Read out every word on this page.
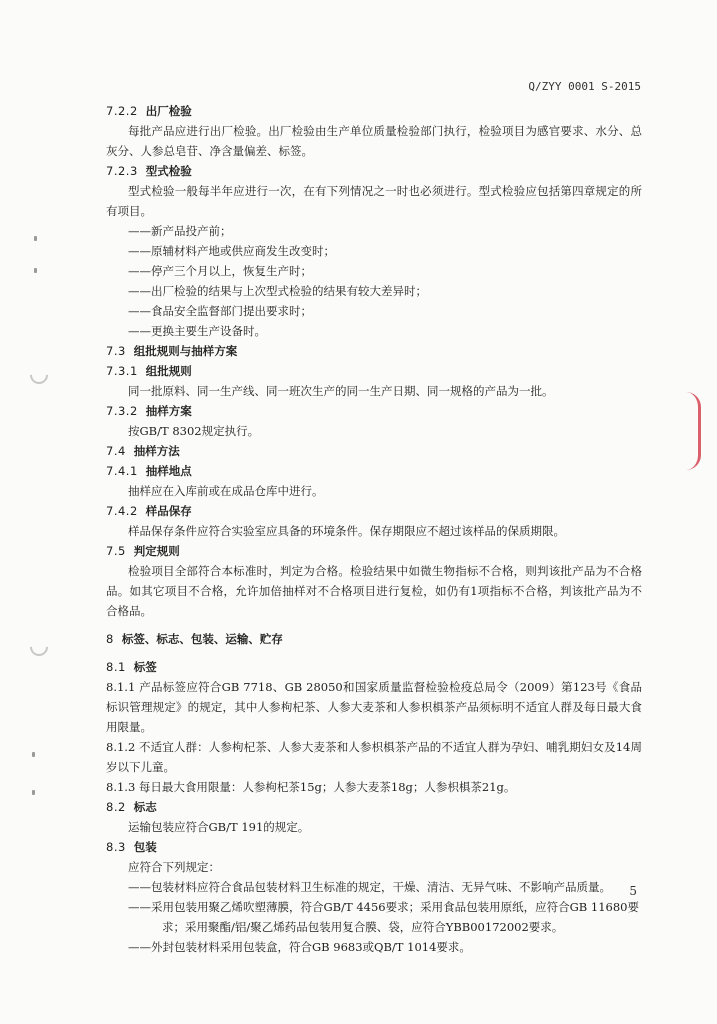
Q/ZYY 0001 S-2015
7.2.2 出厂检验
每批产品应进行出厂检验。出厂检验由生产单位质量检验部门执行，检验项目为感官要求、水分、总灰分、人参总皂苷、净含量偏差、标签。
7.2.3 型式检验
型式检验一般每半年应进行一次，在有下列情况之一时也必须进行。型式检验应包括第四章规定的所有项目。
——新产品投产前；
——原辅材料产地或供应商发生改变时；
——停产三个月以上，恢复生产时；
——出厂检验的结果与上次型式检验的结果有较大差异时；
——食品安全监督部门提出要求时；
——更换主要生产设备时。
7.3 组批规则与抽样方案
7.3.1 组批规则
同一批原料、同一生产线、同一班次生产的同一生产日期、同一规格的产品为一批。
7.3.2 抽样方案
按GB/T 8302规定执行。
7.4 抽样方法
7.4.1 抽样地点
抽样应在入库前或在成品仓库中进行。
7.4.2 样品保存
样品保存条件应符合实验室应具备的环境条件。保存期限应不超过该样品的保质期限。
7.5 判定规则
检验项目全部符合本标准时，判定为合格。检验结果中如微生物指标不合格，则判该批产品为不合格品。如其它项目不合格，允许加倍抽样对不合格项目进行复检，如仍有1项指标不合格，判该批产品为不合格品。
8 标签、标志、包装、运输、贮存
8.1 标签
8.1.1 产品标签应符合GB 7718、GB 28050和国家质量监督检验检疫总局令（2009）第123号《食品标识管理规定》的规定，其中人参枸杞茶、人参大麦茶和人参枳椇茶产品须标明不适宜人群及每日最大食用限量。
8.1.2 不适宜人群：人参枸杞茶、人参大麦茶和人参枳椇茶产品的不适宜人群为孕妇、哺乳期妇女及14周岁以下儿童。
8.1.3 每日最大食用限量：人参枸杞茶15g；人参大麦茶18g；人参枳椇茶21g。
8.2 标志
运输包装应符合GB/T 191的规定。
8.3 包装
应符合下列规定：
——包装材料应符合食品包装材料卫生标准的规定，干燥、清洁、无异气味、不影响产品质量。
——采用包装用聚乙烯吹塑薄膜，符合GB/T 4456要求；采用食品包装用原纸，应符合GB 11680要求；采用聚酯/铝/聚乙烯药品包装用复合膜、袋，应符合YBB00172002要求。
——外封包装材料采用包装盒，符合GB 9683或QB/T 1014要求。
5
